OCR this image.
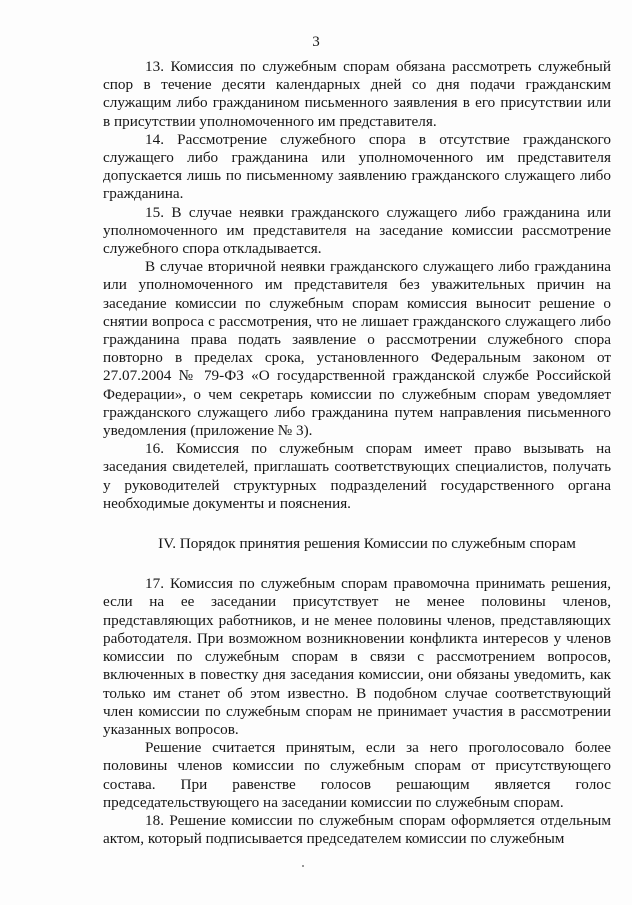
3

13. Комиссия по служебным спорам обязана рассмотреть служебный спор в течение десяти календарных дней со дня подачи гражданским служащим либо гражданином письменного заявления в его присутствии или в присутствии уполномоченного им представителя.

14. Рассмотрение служебного спора в отсутствие гражданского служащего либо гражданина или уполномоченного им представителя допускается лишь по письменному заявлению гражданского служащего либо гражданина.

15. В случае неявки гражданского служащего либо гражданина или уполномоченного им представителя на заседание комиссии рассмотрение служебного спора откладывается.

В случае вторичной неявки гражданского служащего либо гражданина или уполномоченного им представителя без уважительных причин на заседание комиссии по служебным спорам комиссия выносит решение о снятии вопроса с рассмотрения, что не лишает гражданского служащего либо гражданина права подать заявление о рассмотрении служебного спора повторно в пределах срока, установленного Федеральным законом от 27.07.2004 № 79-ФЗ «О государственной гражданской службе Российской Федерации», о чем секретарь комиссии по служебным спорам уведомляет гражданского служащего либо гражданина путем направления письменного уведомления (приложение № 3).

16. Комиссия по служебным спорам имеет право вызывать на заседания свидетелей, приглашать соответствующих специалистов, получать у руководителей структурных подразделений государственного органа необходимые документы и пояснения.

IV. Порядок принятия решения Комиссии по служебным спорам

17. Комиссия по служебным спорам правомочна принимать решения, если на ее заседании присутствует не менее половины членов, представляющих работников, и не менее половины членов, представляющих работодателя. При возможном возникновении конфликта интересов у членов комиссии по служебным спорам в связи с рассмотрением вопросов, включенных в повестку дня заседания комиссии, они обязаны уведомить, как только им станет об этом известно. В подобном случае соответствующий член комиссии по служебным спорам не принимает участия в рассмотрении указанных вопросов.

Решение считается принятым, если за него проголосовало более половины членов комиссии по служебным спорам от присутствующего состава. При равенстве голосов решающим является голос председательствующего на заседании комиссии по служебным спорам.

18. Решение комиссии по служебным спорам оформляется отдельным актом, который подписывается председателем комиссии по служебным
